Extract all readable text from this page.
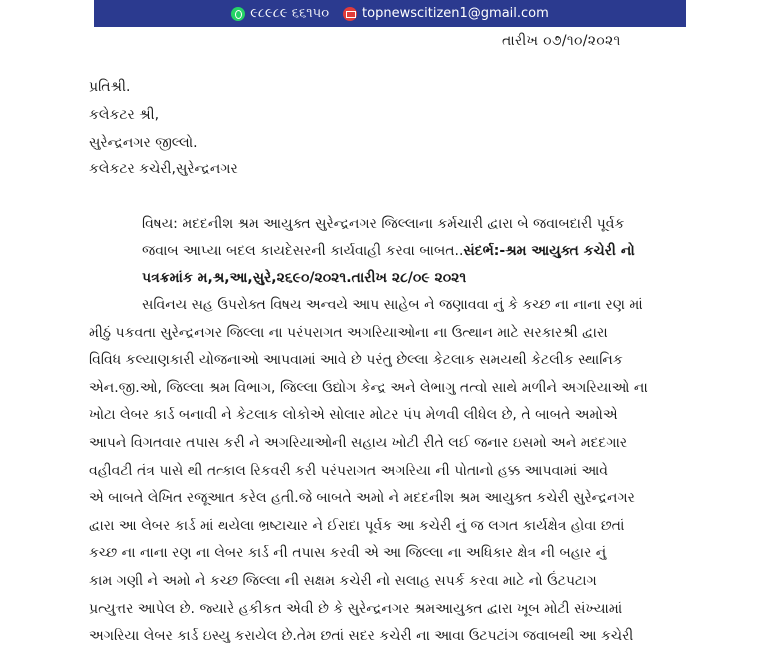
૯૮૯૮૯ ૬૬૧૫૦	topnewscitizen1@gmail.com
તારીખ ૦૭/૧૦/૨૦૨૧
પ્રતિશ્રી.
કલેકટર શ્રી,
સુરેન્દ્રનગર જીલ્લો.
કલેકટર કચેરી,સુરેન્દ્રનગર
વિષય: મદદનીશ શ્રમ આયુક્ત સુરેન્દ્રનગર જિલ્લાના કર્મચારી દ્વારા બે જવાબદારી પૂર્વક
જવાબ આપ્યા બદલ કાયદેસરની કાર્યવાહી કરવા બાબત..સંદર્ભ:-શ્રમ આયુક્ત કચેરી નો
પત્રક્રમાંક મ,શ્ર,આ,સુરે,૨૬૯૦/૨૦૨૧.તારીખ ૨૮/૦૯ ૨૦૨૧
સવિનય સહ ઉપરોક્ત વિષય અન્વયે આપ સાહેબ ને જણાવવા નું કે કચ્છ ના નાના રણ માં
મીઠું પકવતા સુરેન્દ્રનગર જિલ્લા ના પરંપરાગત અગરિયાઓના ના ઉત્થાન માટે સરકારશ્રી દ્વારા
વિવિધ કલ્યાણકારી યોજનાઓ આપવામાં આવે છે પરંતુ છેલ્લા કેટલાક સમયથી કેટલીક સ્થાનિક
એન.જી.ઓ, જિલ્લા શ્રમ વિભાગ, જિલ્લા ઉદ્યોગ કેન્દ્ર અને લેભાગુ તત્વો સાથે મળીને અગરિયાઓ ના
ખોટા લેબર કાર્ડ બનાવી ને કેટલાક લોકોએ સોલાર મોટર પંપ મેળવી લીધેલ છે, તે બાબતે અમોએ
આપને વિગતવાર તપાસ કરી ને અગરિયાઓની સહાય ખોટી રીતે લઈ જનાર ઇસમો અને મદદગાર
વહીવટી તંત્ર પાસે થી તત્કાલ રિકવરી કરી પરંપરાગત અગરિયા ની પોતાનો હક્ક આપવામાં આવે
એ બાબતે લેખિત રજૂઆત કરેલ હતી.જે બાબતે અમો ને મદદનીશ શ્રમ આયુક્ત કચેરી સુરેન્દ્રનગર
દ્વારા આ લેબર કાર્ડ માં થયેલા ભ્રષ્ટાચાર ને ઈરાદા પૂર્વક આ કચેરી નું જ લગત કાર્યક્ષેત્ર હોવા છતાં
કચ્છ ના નાના રણ ના લેબર કાર્ડ ની તપાસ કરવી એ આ જિલ્લા ના અધિકાર ક્ષેત્ર ની બહાર નું
કામ ગણી ને અમો ને કચ્છ જિલ્લા ની સક્ષમ કચેરી નો સલાહ સપર્ક કરવા માટે નો ઉંટપટાગ
પ્રત્યુત્તર આપેલ છે. જ્યારે હકીકત એવી છે કે સુરેન્દ્રનગર શ્રમઆયુક્ત દ્વારા ખૂબ મોટી સંખ્યામાં
અગરિયા લેબર કાર્ડ ઇસ્યુ કરાયેલ છે.તેમ છતાં સદર કચેરી ના આવા ઉટપટાંગ જવાબથી આ કચેરી
